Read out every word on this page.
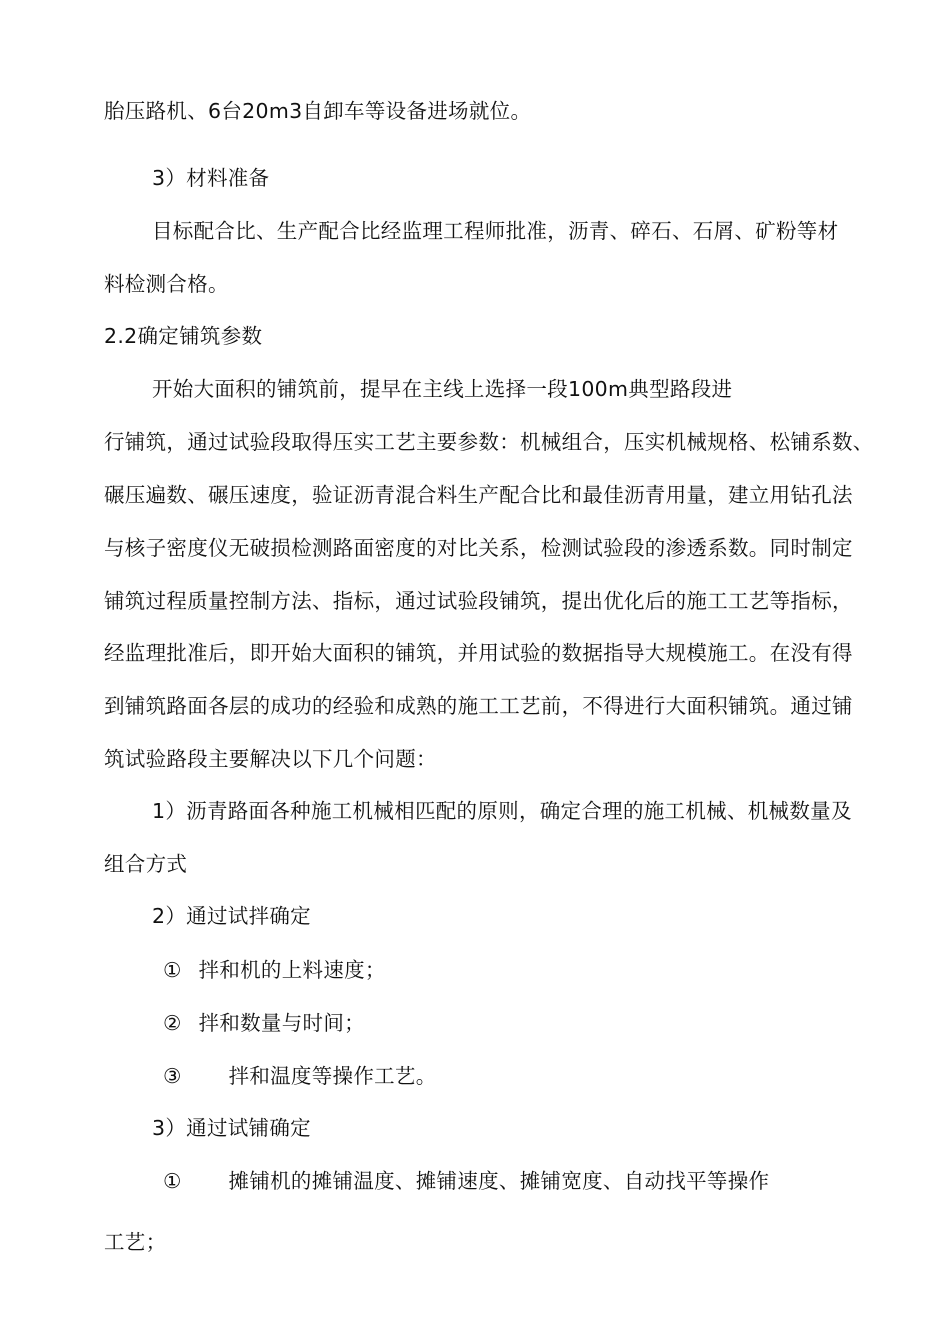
胎压路机、6台20m3自卸车等设备进场就位。
3）材料准备
目标配合比、生产配合比经监理工程师批准，沥青、碎石、石屑、矿粉等材
料检测合格。
2.2确定铺筑参数
开始大面积的铺筑前，提早在主线上选择一段100m典型路段进
行铺筑，通过试验段取得压实工艺主要参数：机械组合，压实机械规格、松铺系数、
碾压遍数、碾压速度，验证沥青混合料生产配合比和最佳沥青用量，建立用钻孔法
与核子密度仪无破损检测路面密度的对比关系，检测试验段的渗透系数。同时制定
铺筑过程质量控制方法、指标，通过试验段铺筑，提出优化后的施工工艺等指标，
经监理批准后，即开始大面积的铺筑，并用试验的数据指导大规模施工。在没有得
到铺筑路面各层的成功的经验和成熟的施工工艺前，不得进行大面积铺筑。通过铺
筑试验路段主要解决以下几个问题：
1）沥青路面各种施工机械相匹配的原则，确定合理的施工机械、机械数量及
组合方式
2）通过试拌确定
① 拌和机的上料速度；
② 拌和数量与时间；
③ 拌和温度等操作工艺。
3）通过试铺确定
① 摊铺机的摊铺温度、摊铺速度、摊铺宽度、自动找平等操作
工艺；
